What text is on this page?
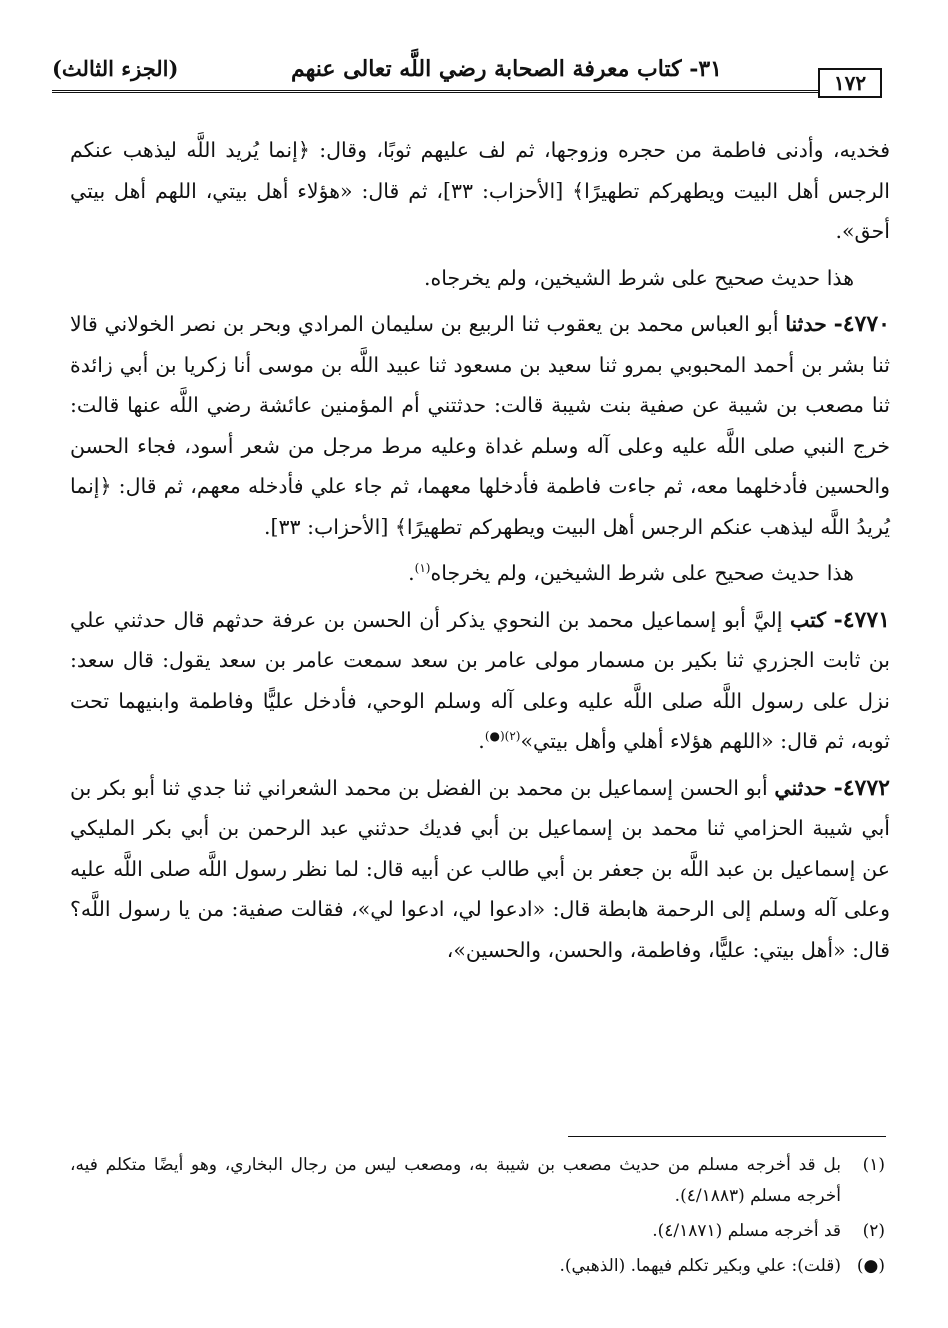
١٧٢
٣١- كتاب معرفة الصحابة رضي اللَّه تعالى عنهم
(الجزء الثالث)

فخديه، وأدنى فاطمة من حجره وزوجها، ثم لف عليهم ثوبًا، وقال: ﴿إنما يُريد اللَّه ليذهب عنكم الرجس أهل البيت ويطهركم تطهيرًا﴾ [الأحزاب: ٣٣]، ثم قال: «هؤلاء أهل بيتي، اللهم أهل بيتي أحق».

هذا حديث صحيح على شرط الشيخين، ولم يخرجاه.

٤٧٧٠- حدثنا أبو العباس محمد بن يعقوب ثنا الربيع بن سليمان المرادي وبحر بن نصر الخولاني قالا ثنا بشر بن أحمد المحبوبي بمرو ثنا سعيد بن مسعود ثنا عبيد اللَّه بن موسى أنا زكريا بن أبي زائدة ثنا مصعب بن شيبة عن صفية بنت شيبة قالت: حدثتني أم المؤمنين عائشة رضي اللَّه عنها قالت: خرج النبي صلى اللَّه عليه وعلى آله وسلم غداة وعليه مرط مرجل من شعر أسود، فجاء الحسن والحسين فأدخلهما معه، ثم جاءت فاطمة فأدخلها معهما، ثم جاء علي فأدخله معهم، ثم قال: ﴿إنما يُريدُ اللَّه ليذهب عنكم الرجس أهل البيت ويطهركم تطهيرًا﴾ [الأحزاب: ٣٣].

هذا حديث صحيح على شرط الشيخين، ولم يخرجاه$^{(١)}$.

٤٧٧١- كتب إليَّ أبو إسماعيل محمد بن النحوي يذكر أن الحسن بن عرفة حدثهم قال حدثني علي بن ثابت الجزري ثنا بكير بن مسمار مولى عامر بن سعد سمعت عامر بن سعد يقول: قال سعد: نزل على رسول اللَّه صلى اللَّه عليه وعلى آله وسلم الوحي، فأدخل عليًّا وفاطمة وابنيهما تحت ثوبه، ثم قال: «اللهم هؤلاء أهلي وأهل بيتي»$^{(٢)(●)}$.

٤٧٧٢- حدثني أبو الحسن إسماعيل بن محمد بن الفضل بن محمد الشعراني ثنا جدي ثنا أبو بكر بن أبي شيبة الحزامي ثنا محمد بن إسماعيل بن أبي فديك حدثني عبد الرحمن بن أبي بكر المليكي عن إسماعيل بن عبد اللَّه بن جعفر بن أبي طالب عن أبيه قال: لما نظر رسول اللَّه صلى اللَّه عليه وعلى آله وسلم إلى الرحمة هابطة قال: «ادعوا لي، ادعوا لي»، فقالت صفية: من يا رسول اللَّه؟ قال: «أهل بيتي: عليًّا، وفاطمة، والحسن، والحسين»،

(١)
بل قد أخرجه مسلم من حديث مصعب بن شيبة به، ومصعب ليس من رجال البخاري، وهو أيضًا متكلم فيه، أخرجه مسلم (٤/١٨٨٣).
(٢)
قد أخرجه مسلم (٤/١٨٧١).
(●)
(قلت): علي وبكير تكلم فيهما. (الذهبي).
